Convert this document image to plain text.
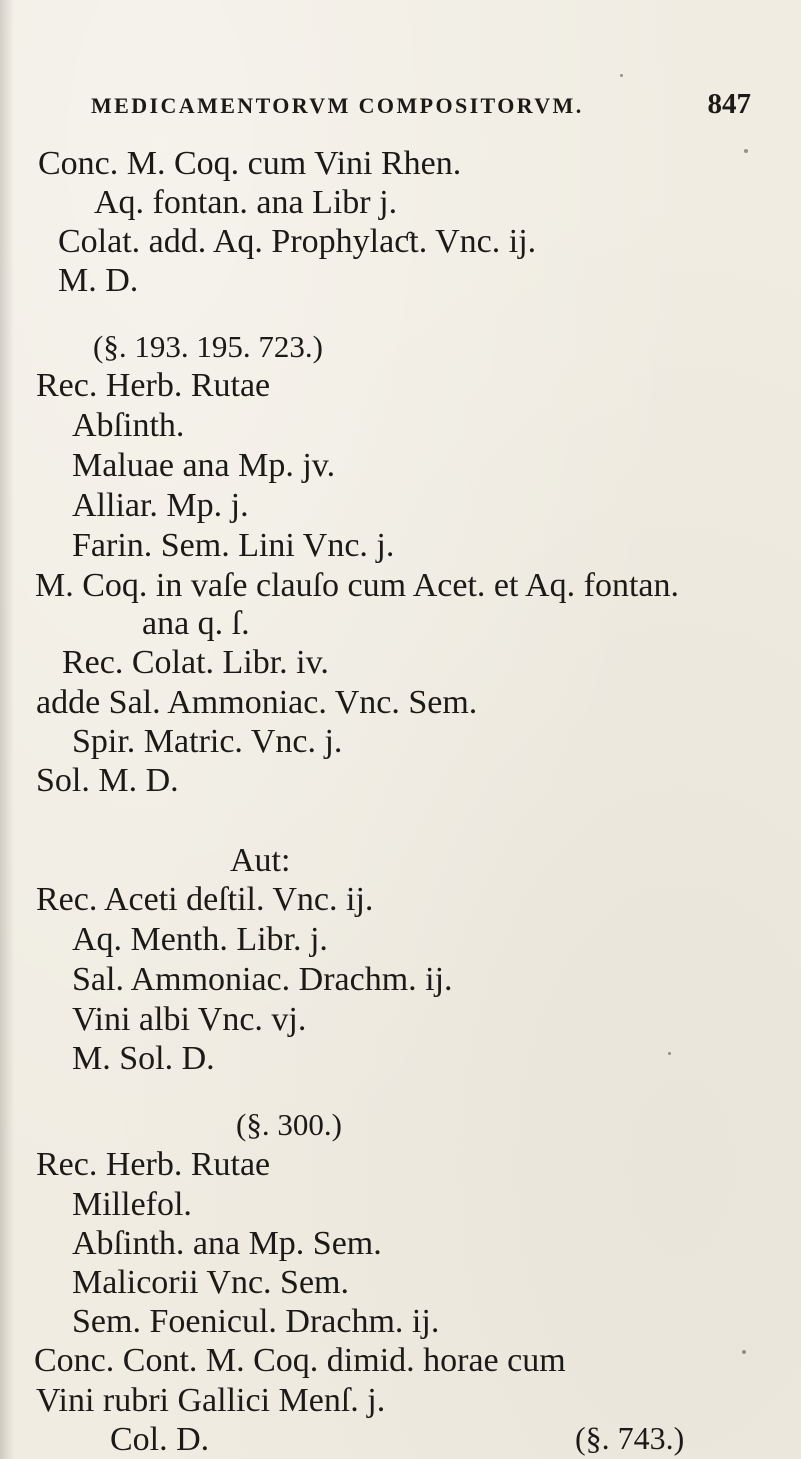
MEDICAMENTORVM COMPOSITORVM.	847
Conc. M. Coq. cum Vini Rhen.
Aq. fontan. ana Libr j.
Colat. add. Aq. Prophylaƈt. Vnc. ij.
M. D.
(§. 193. 195. 723.)
Rec. Herb. Rutae
Abſinth.
Maluae ana Mp. jv.
Alliar. Mp. j.
Farin. Sem. Lini Vnc. j.
M. Coq. in vaſe clauſo cum Acet. et Aq. fontan.
ana q. ſ.
Rec. Colat. Libr. iv.
adde Sal. Ammoniac. Vnc. Sem.
Spir. Matric. Vnc. j.
Sol. M. D.
Aut:
Rec. Aceti deſtil. Vnc. ij.
Aq. Menth. Libr. j.
Sal. Ammoniac. Drachm. ij.
Vini albi Vnc. vj.
M. Sol. D.
(§. 300.)
Rec. Herb. Rutae
Millefol.
Abſinth. ana Mp. Sem.
Malicorii Vnc. Sem.
Sem. Foenicul. Drachm. ij.
Conc. Cont. M. Coq. dimid. horae cum
Vini rubri Gallici Menſ. j.
Col. D.	(§. 743.)
